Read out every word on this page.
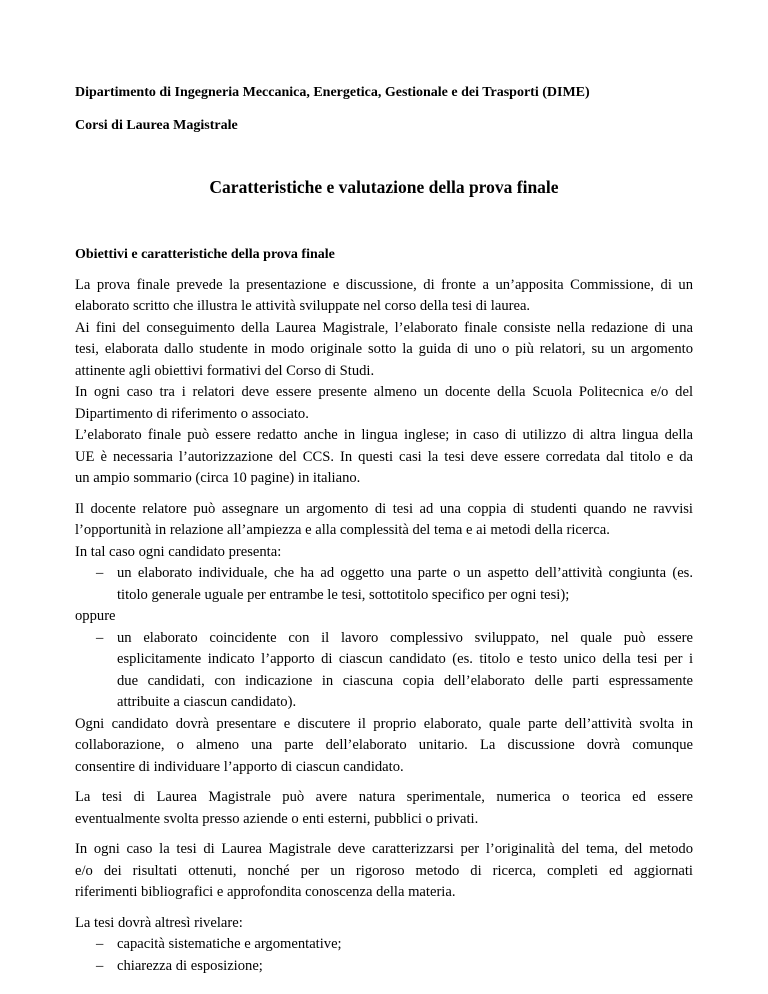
Dipartimento di Ingegneria Meccanica, Energetica, Gestionale e dei Trasporti (DIME)

Corsi di Laurea Magistrale

Caratteristiche e valutazione della prova finale

Obiettivi e caratteristiche della prova finale

La prova finale prevede la presentazione e discussione, di fronte a un’apposita Commissione, di un
elaborato scritto che illustra le attività sviluppate nel corso della tesi di laurea.
Ai fini del conseguimento della Laurea Magistrale, l’elaborato finale consiste nella redazione di una
tesi, elaborata dallo studente in modo originale sotto la guida di uno o più relatori, su un argomento
attinente agli obiettivi formativi del Corso di Studi.
In ogni caso tra i relatori deve essere presente almeno un docente della Scuola Politecnica e/o del
Dipartimento di riferimento o associato.
L’elaborato finale può essere redatto anche in lingua inglese; in caso di utilizzo di altra lingua della
UE è necessaria l’autorizzazione del CCS. In questi casi la tesi deve essere corredata dal titolo e da
un ampio sommario (circa 10 pagine) in italiano.
Il docente relatore può assegnare un argomento di tesi ad una coppia di studenti quando ne ravvisi
l’opportunità in relazione all’ampiezza e alla complessità del tema e ai metodi della ricerca.
In tal caso ogni candidato presenta:
– un elaborato individuale, che ha ad oggetto una parte o un aspetto dell’attività congiunta (es.
titolo generale uguale per entrambe le tesi, sottotitolo specifico per ogni tesi);
oppure
– un elaborato coincidente con il lavoro complessivo sviluppato, nel quale può essere
esplicitamente indicato l’apporto di ciascun candidato (es. titolo e testo unico della tesi per i
due candidati, con indicazione in ciascuna copia dell’elaborato delle parti espressamente
attribuite a ciascun candidato).
Ogni candidato dovrà presentare e discutere il proprio elaborato, quale parte dell’attività svolta in
collaborazione, o almeno una parte dell’elaborato unitario. La discussione dovrà comunque
consentire di individuare l’apporto di ciascun candidato.
La tesi di Laurea Magistrale può avere natura sperimentale, numerica o teorica ed essere
eventualmente svolta presso aziende o enti esterni, pubblici o privati.
In ogni caso la tesi di Laurea Magistrale deve caratterizzarsi per l’originalità del tema, del metodo
e/o dei risultati ottenuti, nonché per un rigoroso metodo di ricerca, completi ed aggiornati
riferimenti bibliografici e approfondita conoscenza della materia.
La tesi dovrà altresì rivelare:
– capacità sistematiche e argomentative;
– chiarezza di esposizione;
